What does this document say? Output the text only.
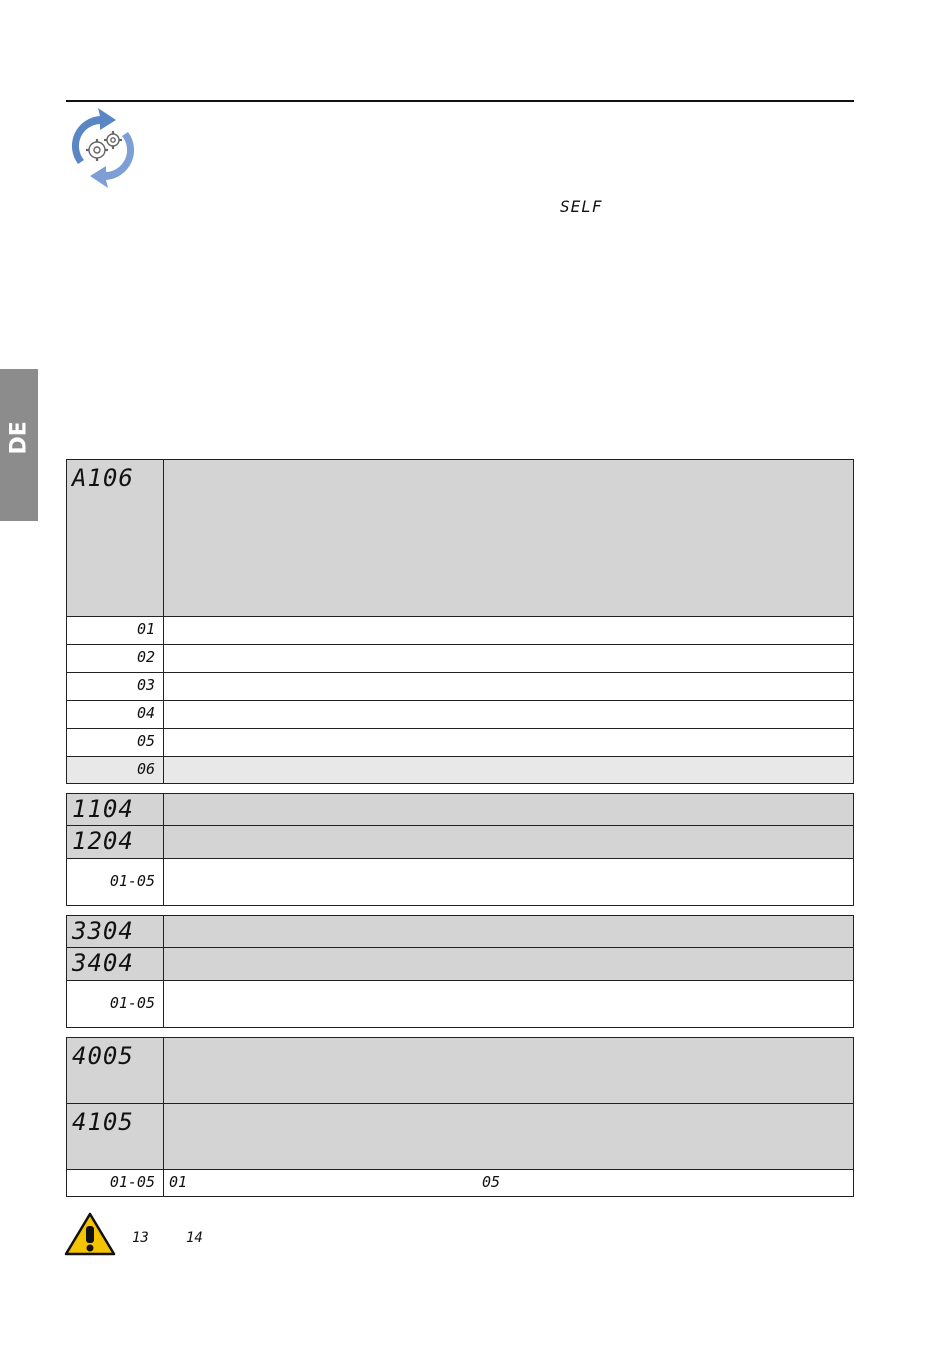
SELF
DE
A106	

01	

02	

03	

04	

05	

06	

1104	

1204	

01-05	

3304	

3404	

01-05	

4005	

4105	

01-05	01 05
13	14
